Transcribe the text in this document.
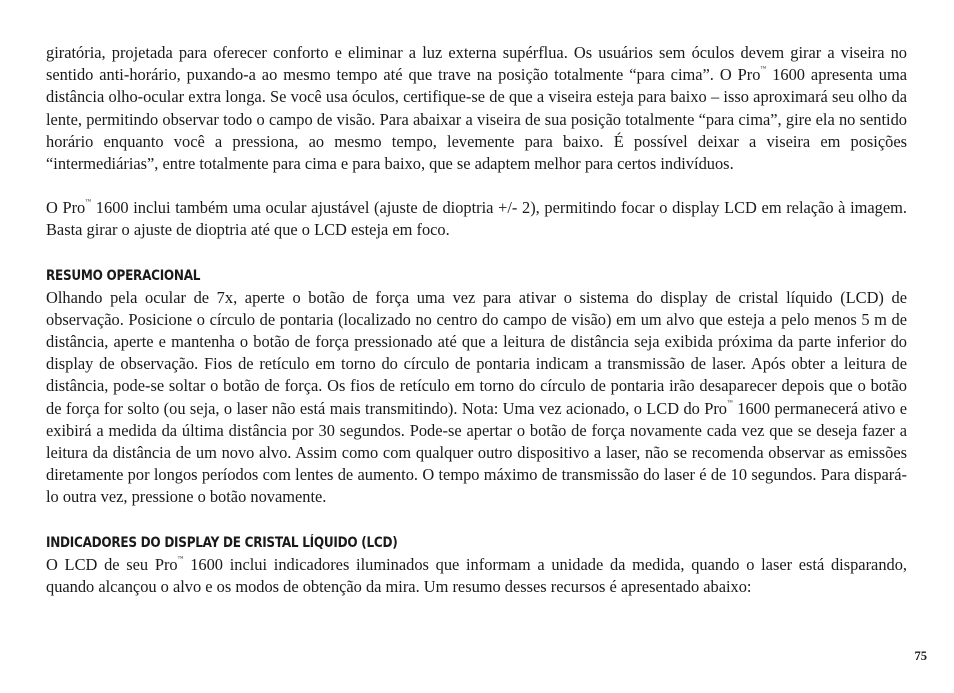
giratória, projetada para oferecer conforto e eliminar a luz externa supérflua. Os usuários sem óculos devem girar a viseira no sentido anti-horário, puxando-a ao mesmo tempo até que trave na posição totalmente “para cima”. O Pro™ 1600 apresenta uma distância olho-ocular extra longa. Se você usa óculos, certifique-se de que a viseira esteja para baixo – isso aproximará seu olho da lente, permitindo observar todo o campo de visão. Para abaixar a viseira de sua posição totalmente “para cima”, gire ela no sentido horário enquanto você a pressiona, ao mesmo tempo, levemente para baixo. É possível deixar a viseira em posições “intermediárias”, entre totalmente para cima e para baixo, que se adaptem melhor para certos indivíduos.

O Pro™ 1600 inclui também uma ocular ajustável (ajuste de dioptria +/- 2), permitindo focar o display LCD em relação à imagem. Basta girar o ajuste de dioptria até que o LCD esteja em foco.

RESUMO OPERACIONAL

Olhando pela ocular de 7x, aperte o botão de força uma vez para ativar o sistema do display de cristal líquido (LCD) de observação. Posicione o círculo de pontaria (localizado no centro do campo de visão) em um alvo que esteja a pelo menos 5 m de distância, aperte e mantenha o botão de força pressionado até que a leitura de distância seja exibida próxima da parte inferior do display de observação. Fios de retículo em torno do círculo de pontaria indicam a transmissão de laser. Após obter a leitura de distância, pode-se soltar o botão de força. Os fios de retículo em torno do círculo de pontaria irão desaparecer depois que o botão de força for solto (ou seja, o laser não está mais transmitindo). Nota: Uma vez acionado, o LCD do Pro™ 1600 permanecerá ativo e exibirá a medida da última distância por 30 segundos. Pode-se apertar o botão de força novamente cada vez que se deseja fazer a leitura da distância de um novo alvo. Assim como com qualquer outro dispositivo a laser, não se recomenda observar as emissões diretamente por longos períodos com lentes de aumento. O tempo máximo de transmissão do laser é de 10 segundos. Para dispará-lo outra vez, pressione o botão novamente.

INDICADORES DO DISPLAY DE CRISTAL LÍQUIDO (LCD)

O LCD de seu Pro™ 1600 inclui indicadores iluminados que informam a unidade da medida, quando o laser está disparando, quando alcançou o alvo e os modos de obtenção da mira. Um resumo desses recursos é apresentado abaixo:

75
